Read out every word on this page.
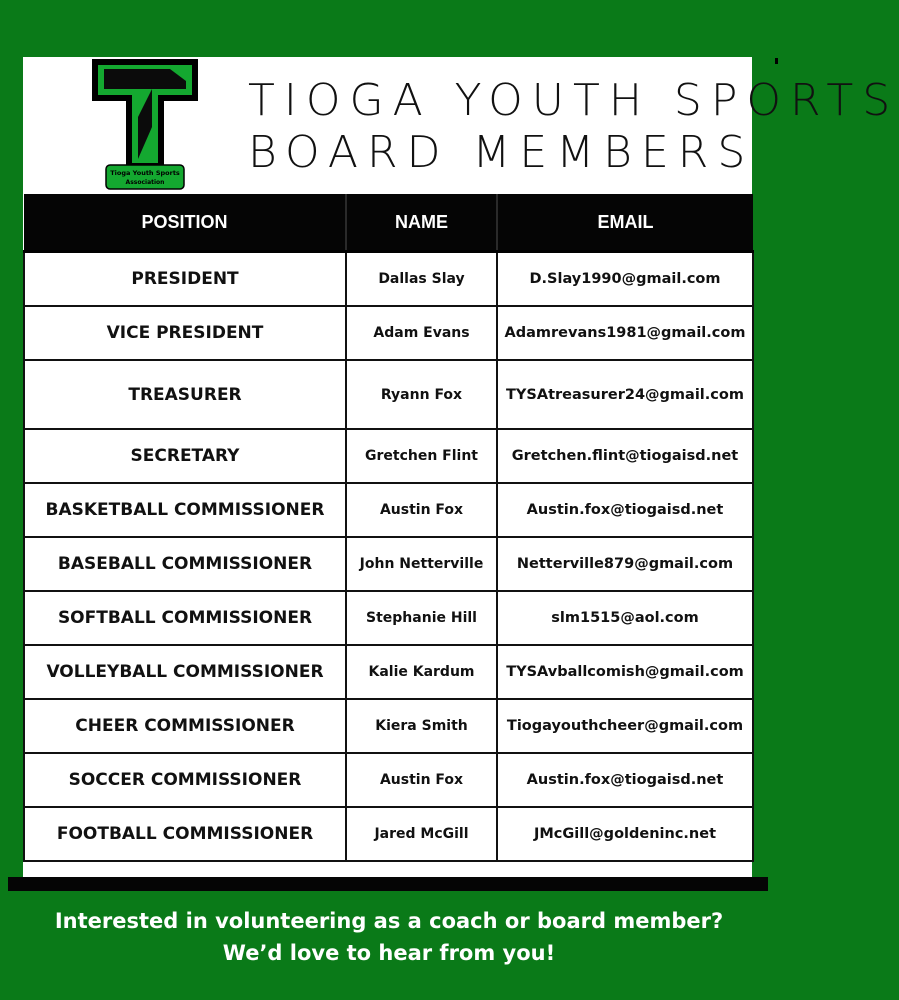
Tioga Youth Sports
Association
TIOGA YOUTH SPORTS
BOARD MEMBERS
POSITION	NAME	EMAIL
PRESIDENT	Dallas Slay	D.Slay1990@gmail.com
VICE PRESIDENT	Adam Evans	Adamrevans1981@gmail.com
TREASURER	Ryann Fox	TYSAtreasurer24@gmail.com
SECRETARY	Gretchen Flint	Gretchen.flint@tiogaisd.net
BASKETBALL COMMISSIONER	Austin Fox	Austin.fox@tiogaisd.net
BASEBALL COMMISSIONER	John Netterville	Netterville879@gmail.com
SOFTBALL COMMISSIONER	Stephanie Hill	slm1515@aol.com
VOLLEYBALL COMMISSIONER	Kalie Kardum	TYSAvballcomish@gmail.com
CHEER COMMISSIONER	Kiera Smith	Tiogayouthcheer@gmail.com
SOCCER COMMISSIONER	Austin Fox	Austin.fox@tiogaisd.net
FOOTBALL COMMISSIONER	Jared McGill	JMcGill@goldeninc.net
Interested in volunteering as a coach or board member?
We’d love to hear from you!
